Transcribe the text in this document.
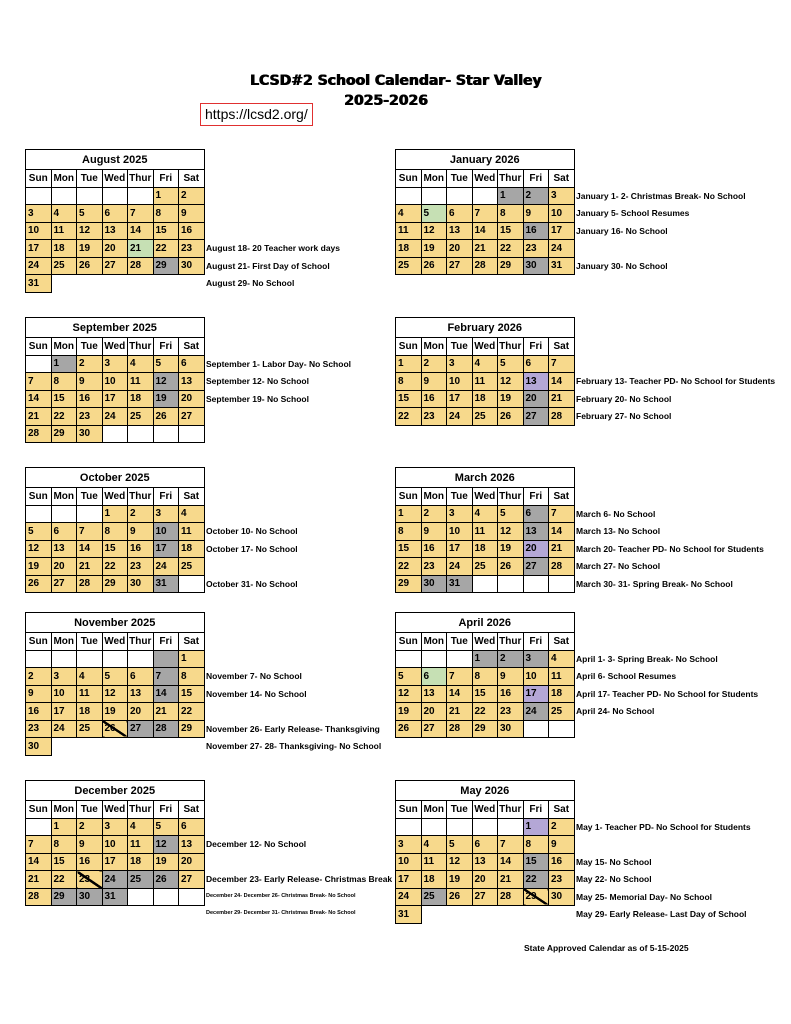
LCSD#2 School Calendar- Star Valley
2025-2026
https://lcsd2.org/
August 2025						
Sun	Mon	Tue	Wed	Thur	Fri	Sat
					1	2
3	4	5	6	7	8	9
10	11	12	13	14	15	16
17	18	19	20	21	22	23
24	25	26	27	28	29	30
31						
August 18- 20 Teacher work days
August 21- First Day of School
August 29- No School
September 2025						
Sun	Mon	Tue	Wed	Thur	Fri	Sat
	1	2	3	4	5	6
7	8	9	10	11	12	13
14	15	16	17	18	19	20
21	22	23	24	25	26	27
28	29	30				
September 1- Labor Day- No School
September 12- No School
September 19- No School
October 2025						
Sun	Mon	Tue	Wed	Thur	Fri	Sat
			1	2	3	4
5	6	7	8	9	10	11
12	13	14	15	16	17	18
19	20	21	22	23	24	25
26	27	28	29	30	31	
October 10- No School
October 17- No School
October 31- No School
November 2025						
Sun	Mon	Tue	Wed	Thur	Fri	Sat
						1
2	3	4	5	6	7	8
9	10	11	12	13	14	15
16	17	18	19	20	21	22
23	24	25	26	27	28	29
30						
November 7- No School
November 14- No School
November 26- Early Release- Thanksgiving
November 27- 28- Thanksgiving- No School
December 2025						
Sun	Mon	Tue	Wed	Thur	Fri	Sat
	1	2	3	4	5	6
7	8	9	10	11	12	13
14	15	16	17	18	19	20
21	22	23	24	25	26	27
28	29	30	31			
December 12- No School
December 23- Early Release- Christmas Break
December 24- December 26- Christmas Break- No School
December 29- December 31- Christmas Break- No School
January 2026						
Sun	Mon	Tue	Wed	Thur	Fri	Sat
				1	2	3
4	5	6	7	8	9	10
11	12	13	14	15	16	17
18	19	20	21	22	23	24
25	26	27	28	29	30	31
January 1- 2- Christmas Break- No School
January 5- School Resumes
January 16- No School
January 30- No School
February 2026						
Sun	Mon	Tue	Wed	Thur	Fri	Sat
1	2	3	4	5	6	7
8	9	10	11	12	13	14
15	16	17	18	19	20	21
22	23	24	25	26	27	28
February 13- Teacher PD- No School for Students
February 20- No School
February 27- No School
March 2026						
Sun	Mon	Tue	Wed	Thur	Fri	Sat
1	2	3	4	5	6	7
8	9	10	11	12	13	14
15	16	17	18	19	20	21
22	23	24	25	26	27	28
29	30	31				
March 6- No School
March 13- No School
March 20- Teacher PD- No School for Students
March 27- No School
March 30- 31- Spring Break- No School
April 2026						
Sun	Mon	Tue	Wed	Thur	Fri	Sat
			1	2	3	4
5	6	7	8	9	10	11
12	13	14	15	16	17	18
19	20	21	22	23	24	25
26	27	28	29	30		
April 1- 3- Spring Break- No School
April 6- School Resumes
April 17- Teacher PD- No School for Students
April 24- No School
May 2026						
Sun	Mon	Tue	Wed	Thur	Fri	Sat
					1	2
3	4	5	6	7	8	9
10	11	12	13	14	15	16
17	18	19	20	21	22	23
24	25	26	27	28	29	30
31						
May 1- Teacher PD- No School for Students
May 15- No School
May 22- No School
May 25- Memorial Day- No School
May 29- Early Release- Last Day of School
State Approved Calendar as of 5-15-2025
